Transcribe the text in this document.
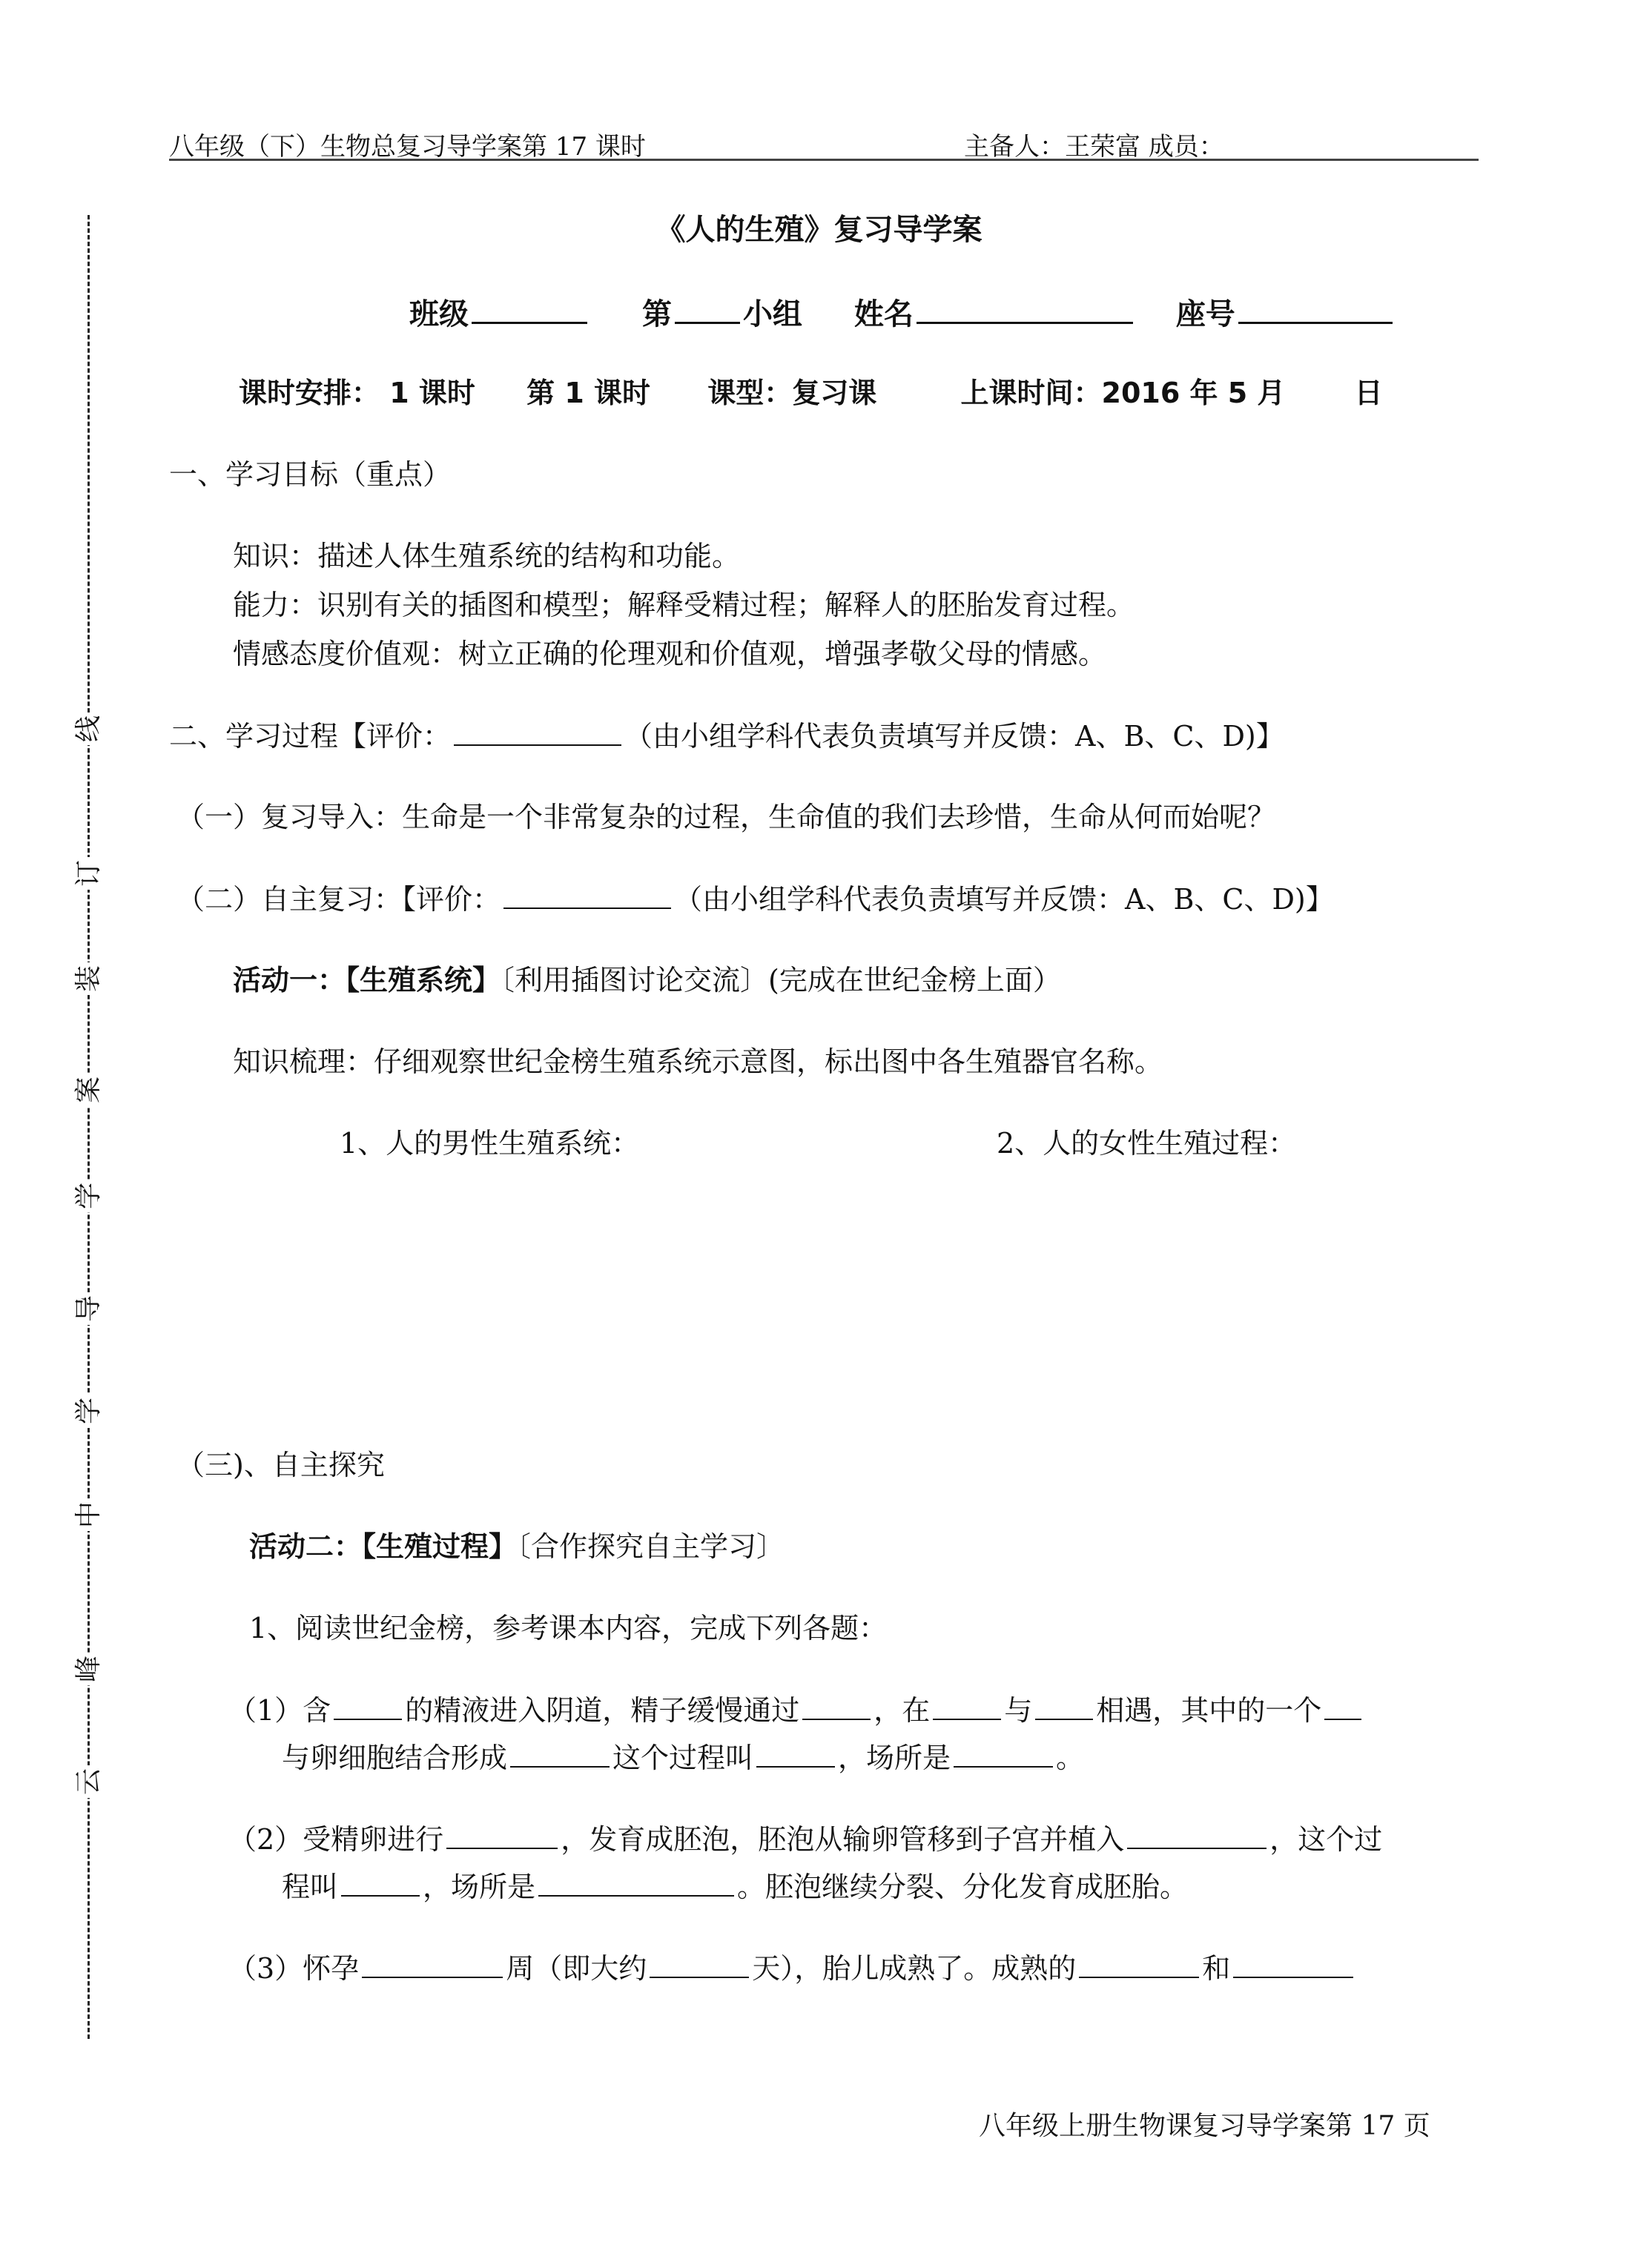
八年级（下）生物总复习导学案第 17 课时	主备人：王荣富 成员：
线
订
装
案
学
导
学
中
峰
云
《人的生殖》复习导学案
班级	第 小组 姓名	座号
课时安排： 1 课时 第 1 课时 课型：复习课	上课时间：2016 年 5 月 日
一、学习目标（重点）
知识：描述人体生殖系统的结构和功能。
能力：识别有关的插图和模型；解释受精过程；解释人的胚胎发育过程。
情感态度价值观：树立正确的伦理观和价值观，增强孝敬父母的情感。
二、学习过程【评价：	（由小组学科代表负责填写并反馈：A、B、C、D)】
（一）复习导入：生命是一个非常复杂的过程，生命值的我们去珍惜，生命从何而始呢？
（二）自主复习：【评价：	（由小组学科代表负责填写并反馈：A、B、C、D)】
活动一：【生殖系统】〔利用插图讨论交流〕(完成在世纪金榜上面）
知识梳理：仔细观察世纪金榜生殖系统示意图，标出图中各生殖器官名称。
1、人的男性生殖系统：	2、人的女性生殖过程：
（三)、自主探究
活动二：【生殖过程】〔合作探究自主学习〕
1、阅读世纪金榜，参考课本内容，完成下列各题：
（1）含	的精液进入阴道，精子缓慢通过	，在	与 相遇，其中的一个
与卵细胞结合形成	这个过程叫	，场所是	。
（2）受精卵进行	，发育成胚泡，胚泡从输卵管移到子宫并植入	，这个过
程叫	，场所是	。胚泡继续分裂、分化发育成胚胎。
（3）怀孕	周（即大约	天），胎儿成熟了。成熟的	和
八年级上册生物课复习导学案第 17 页
